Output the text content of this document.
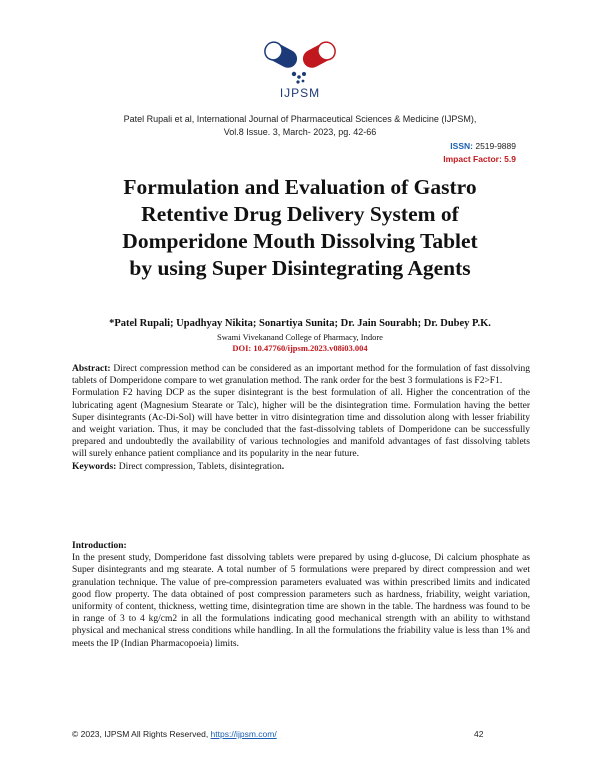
IJPSM
Patel Rupali et al, International Journal of Pharmaceutical Sciences & Medicine (IJPSM),
Vol.8 Issue. 3, March- 2023, pg. 42-66
ISSN: 2519-9889
Impact Factor: 5.9
Formulation and Evaluation of Gastro
Retentive Drug Delivery System of
Domperidone Mouth Dissolving Tablet
by using Super Disintegrating Agents
*Patel Rupali; Upadhyay Nikita; Sonartiya Sunita; Dr. Jain Sourabh; Dr. Dubey P.K.
Swami Vivekanand College of Pharmacy, Indore
DOI: 10.47760/ijpsm.2023.v08i03.004

Abstract: Direct compression method can be considered as an important method for the formulation of fast dissolving tablets of Domperidone compare to wet granulation method. The rank order for the best 3 formulations is F2>F1.

Formulation F2 having DCP as the super disintegrant is the best formulation of all. Higher the concentration of the lubricating agent (Magnesium Stearate or Talc), higher will be the disintegration time. Formulation having the better Super disintegrants (Ac-Di-Sol) will have better in vitro disintegration time and dissolution along with lesser friability and weight variation. Thus, it may be concluded that the fast-dissolving tablets of Domperidone can be successfully prepared and undoubtedly the availability of various technologies and manifold advantages of fast dissolving tablets will surely enhance patient compliance and its popularity in the near future.

Keywords: Direct compression, Tablets, disintegration.

Introduction:

In the present study, Domperidone fast dissolving tablets were prepared by using d-glucose, Di calcium phosphate as Super disintegrants and mg stearate. A total number of 5 formulations were prepared by direct compression and wet granulation technique. The value of pre-compression parameters evaluated was within prescribed limits and indicated good flow property. The data obtained of post compression parameters such as hardness, friability, weight variation, uniformity of content, thickness, wetting time, disintegration time are shown in the table. The hardness was found to be in range of 3 to 4 kg/cm2 in all the formulations indicating good mechanical strength with an ability to withstand physical and mechanical stress conditions while handling. In all the formulations the friability value is less than 1% and meets the IP (Indian Pharmacopoeia) limits.

© 2023, IJPSM All Rights Reserved, https://ijpsm.com/	42
